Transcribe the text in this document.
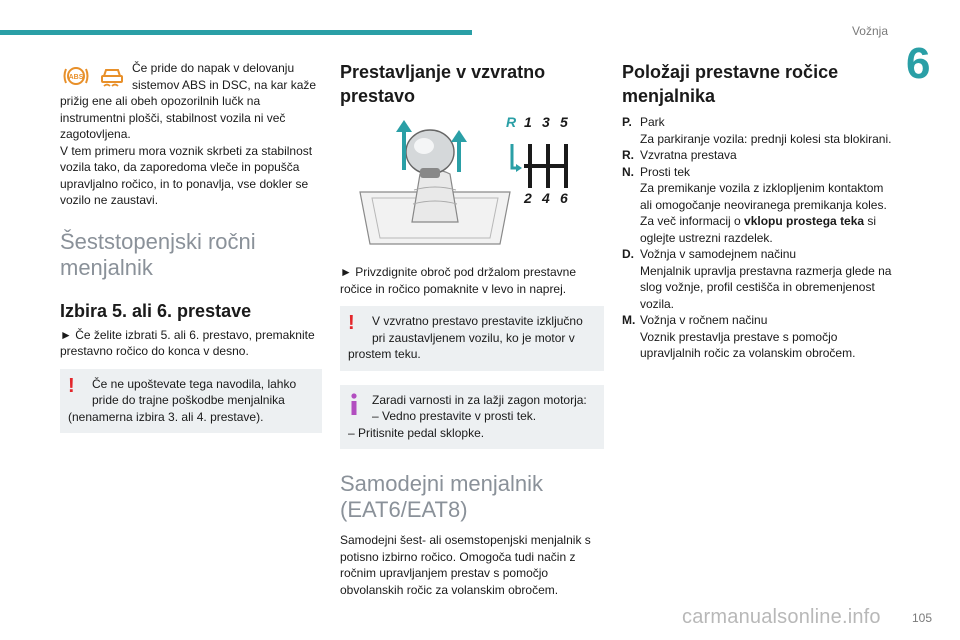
Vožnja
6
ABS

Če pride do napak v delovanju

sistemov ABS in DSC, na kar kaže

prižig ene ali obeh opozorilnih lučk na instrumentni plošči, stabilnost vozila ni več zagotovljena.

V tem primeru mora voznik skrbeti za stabilnost vozila tako, da zaporedoma vleče in popušča upravljalno ročico, in to ponavlja, vse dokler se vozilo ne zaustavi.

Šeststopenjski ročni menjalnik
Izbira 5. ali 6. prestave

► Če želite izbrati 5. ali 6. prestavo, premaknite prestavno ročico do konca v desno.

!	Če ne upoštevate tega navodila, lahko

pride do trajne poškodbe menjalnika

(nenamerna izbira 3. ali 4. prestave).

Prestavljanje v vzvratno prestavo
R 1 3 5
2 4 6

► Privzdignite obroč pod držalom prestavne ročice in ročico pomaknite v levo in naprej.

!	V vzvratno prestavo prestavite izključno

pri zaustavljenem vozilu, ko je motor v

prostem teku.

Zaradi varnosti in za lažji zagon motorja:

– Vedno prestavite v prosti tek.

– Pritisnite pedal sklopke.

Samodejni menjalnik (EAT6/EAT8)

Samodejni šest- ali osemstopenjski menjalnik s potisno izbirno ročico. Omogoča tudi način z ročnim upravljanjem prestav s pomočjo obvolanskih ročic za volanskim obročem.

Položaji prestavne ročice menjalnika
P. Park

Za parkiranje vozila: prednji kolesi sta blokirani.

R. Vzvratna prestava

N. Prosti tek

Za premikanje vozila z izklopljenim kontaktom ali omogočanje neoviranega premikanja koles.

Za več informacij o vklopu prostega teka si oglejte ustrezni razdelek.

D. Vožnja v samodejnem načinu

Menjalnik upravlja prestavna razmerja glede na slog vožnje, profil cestišča in obremenjenost vozila.

M. Vožnja v ročnem načinu

Voznik prestavlja prestave s pomočjo upravljalnih ročic za volanskim obročem.

105
carmanualsonline.info
